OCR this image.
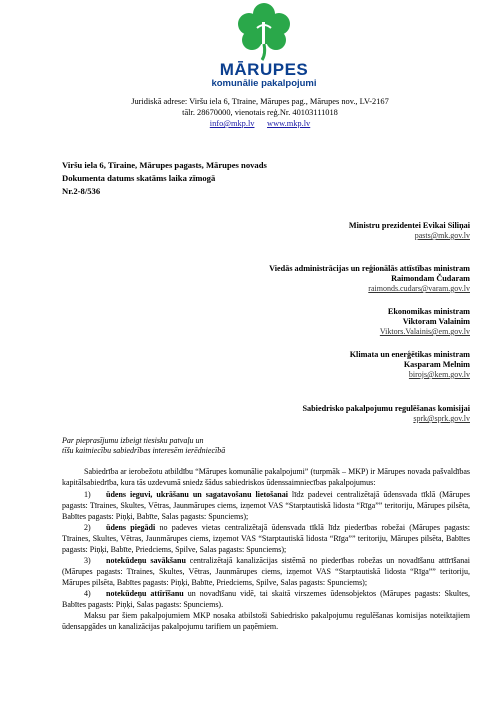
MĀRUPES
komunālie pakalpojumi
Juridiskā adrese: Viršu iela 6, Tīraine, Mārupes pag., Mārupes nov., LV-2167
tālr. 28670000, vienotais reģ.Nr. 40103111018
info@mkp.lv www.mkp.lv
Viršu iela 6, Tīraine, Mārupes pagasts, Mārupes novads
Dokumenta datums skatāms laika zīmogā
Nr.2-8/536
Ministru prezidentei Evikai Siliņai
pasts@mk.gov.lv
Viedās administrācijas un reģionālās attīstības ministram
Raimondam Čudaram
raimonds.cudars@varam.gov.lv
Ekonomikas ministram
Viktoram Valainim
Viktors.Valainis@em.gov.lv
Klimata un enerģētikas ministram
Kasparam Melnim
birojs@kem.gov.lv
Sabiedrisko pakalpojumu regulēšanas komisijai
sprk@sprk.gov.lv
Par pieprasījumu izbeigt tiesisku patvaļu un
tīšu kaitniecību sabiedrības interesēm ierēdniecībā
Sabiedrība ar ierobežotu atbildību “Mārupes komunālie pakalpojumi” (turpmāk – MKP) ir Mārupes novada pašvaldības kapitālsabiedrība, kura tās uzdevumā sniedz šādus sabiedriskos ūdenssaimniecības pakalpojumus:
1) ūdens ieguvi, ukrāšanu un sagatavošanu lietošanai līdz padevei centralizētajā ūdensvada tīklā (Mārupes pagasts: Tīraines, Skultes, Vētras, Jaunmārupes ciems, izņemot VAS “Starptautiskā lidosta “Rīga”” teritoriju, Mārupes pilsēta, Babītes pagasts: Piņķi, Babīte, Salas pagasts: Spunciems);
2) ūdens piegādi no padeves vietas centralizētajā ūdensvada tīklā līdz piederības robežai (Mārupes pagasts: Tīraines, Skultes, Vētras, Jaunmārupes ciems, izņemot VAS “Starptautiskā lidosta “Rīga”” teritoriju, Mārupes pilsēta, Babītes pagasts: Piņķi, Babīte, Priedciems, Spilve, Salas pagasts: Spunciems);
3) notekūdeņu savākšanu centralizētajā kanalizācijas sistēmā no piederības robežas un novadīšanu attīrīšanai (Mārupes pagasts: Tīraines, Skultes, Vētras, Jaunmārupes ciems, izņemot VAS “Starptautiskā lidosta “Rīga”” teritoriju, Mārupes pilsēta, Babītes pagasts: Piņķi, Babīte, Priedciems, Spilve, Salas pagasts: Spunciems);
4) notekūdeņu attīrīšanu un novadīšanu vidē, tai skaitā virszemes ūdensobjektos (Mārupes pagasts: Skultes, Babītes pagasts: Piņķi, Salas pagasts: Spunciems).
Maksu par šiem pakalpojumiem MKP nosaka atbilstoši Sabiedrisko pakalpojumu regulēšanas komisijas noteiktajiem ūdensapgādes un kanalizācijas pakalpojumu tarifiem un paņēmiem.
